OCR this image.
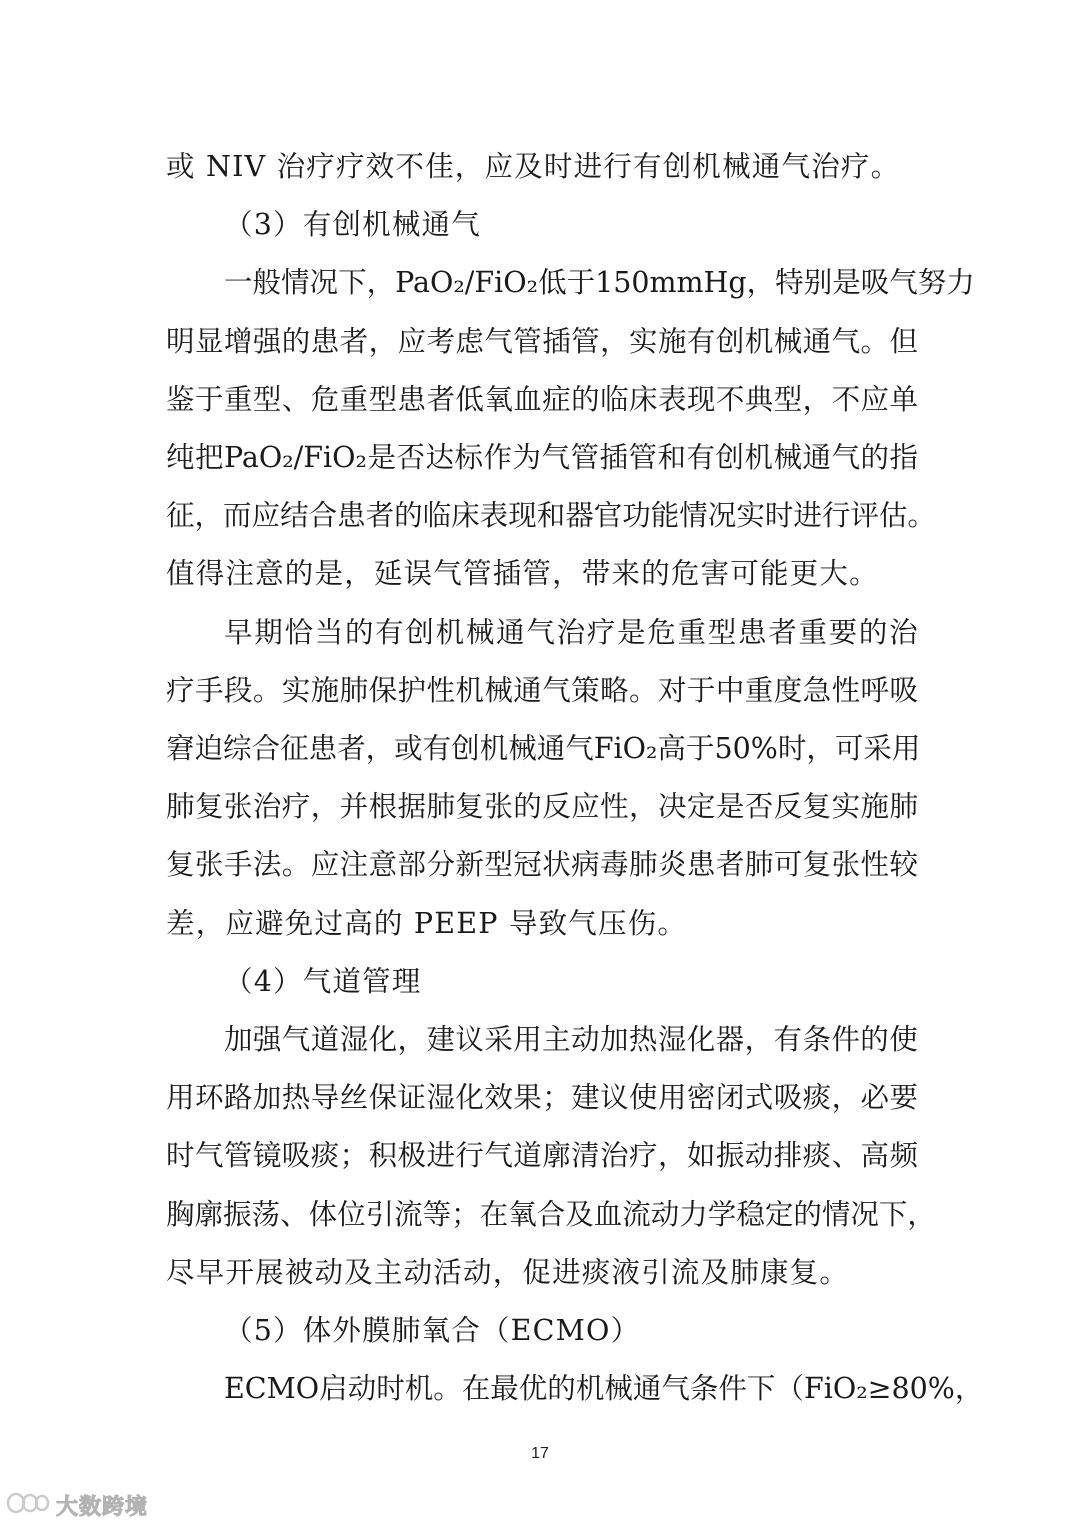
或 NIV 治疗疗效不佳，应及时进行有创机械通气治疗。
（3）有创机械通气
一 般 情 况 下 ， PaO₂/FiO₂ 低 于 150 mmHg ， 特 别 是 吸 气 努 力
明 显 增 强 的 患 者 ， 应 考 虑 气 管 插 管 ， 实 施 有 创 机 械 通 气 。 但
鉴 于 重 型 、 危 重 型 患 者 低 氧 血 症 的 临 床 表 现 不 典 型 ， 不 应 单
纯 把 PaO₂/FiO₂ 是 否 达 标 作 为 气 管 插 管 和 有 创 机 械 通 气 的 指
征 ， 而 应 结 合 患 者 的 临 床 表 现 和 器 官 功 能 情 况 实 时 进 行 评 估 。
值得注意的是，延误气管插管，带来的危害可能更大。
早 期 恰 当 的 有 创 机 械 通 气 治 疗 是 危 重 型 患 者 重 要 的 治
疗 手 段 。 实 施 肺 保 护 性 机 械 通 气 策 略 。 对 于 中 重 度 急 性 呼 吸
窘 迫 综 合 征 患 者 ， 或 有 创 机 械 通 气 FiO₂ 高 于 50% 时 ， 可 采 用
肺 复 张 治 疗 ， 并 根 据 肺 复 张 的 反 应 性 ， 决 定 是 否 反 复 实 施 肺
复 张 手 法 。 应 注 意 部 分 新 型 冠 状 病 毒 肺 炎 患 者 肺 可 复 张 性 较
差，应避免过高的 PEEP 导致气压伤。
（4）气道管理
加 强 气 道 湿 化 ， 建 议 采 用 主 动 加 热 湿 化 器 ， 有 条 件 的 使
用 环 路 加 热 导 丝 保 证 湿 化 效 果 ； 建 议 使 用 密 闭 式 吸 痰 ， 必 要
时 气 管 镜 吸 痰 ； 积 极 进 行 气 道 廓 清 治 疗 ， 如 振 动 排 痰 、 高 频
胸 廓 振 荡 、 体 位 引 流 等 ； 在 氧 合 及 血 流 动 力 学 稳 定 的 情 况 下 ，
尽早开展被动及主动活动，促进痰液引流及肺康复。
（5）体外膜肺氧合（ECMO）
ECMO 启 动 时 机 。 在 最 优 的 机 械 通 气 条 件 下 （ FiO₂ ≥ 80% ，
17
大数跨境
